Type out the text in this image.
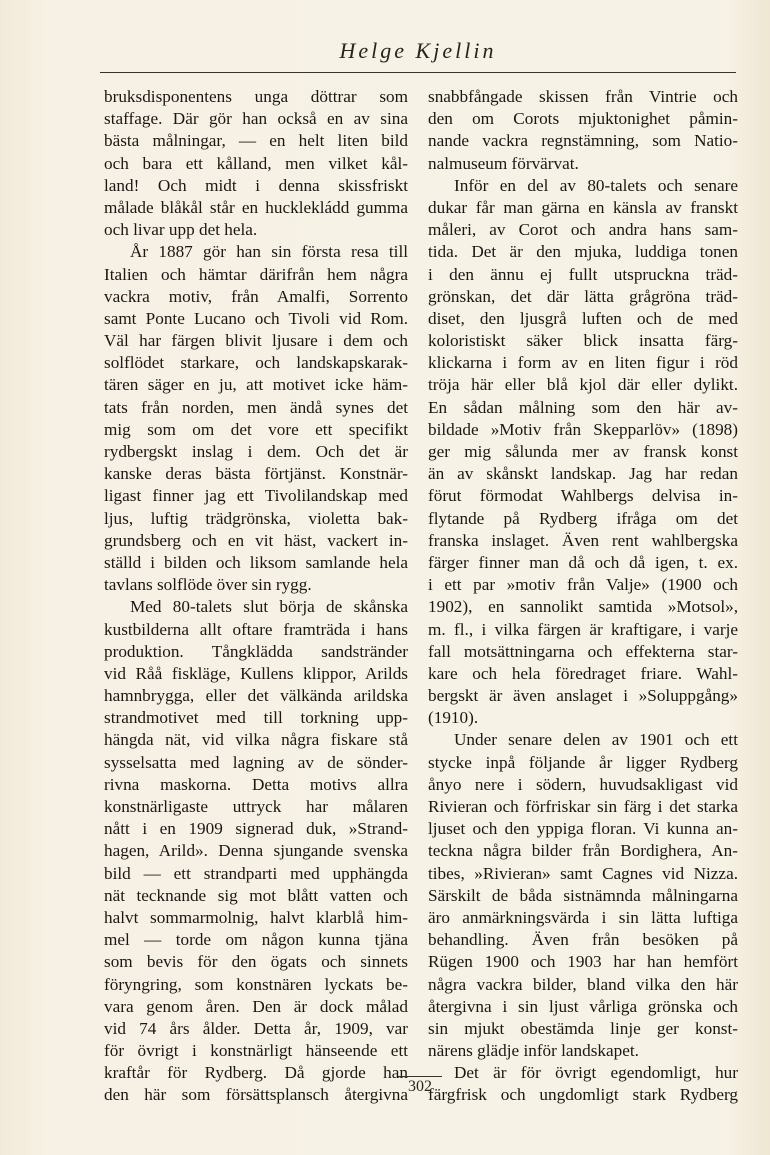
Helge Kjellin
bruksdisponentens unga döttrar som
staffage. Där gör han också en av sina
bästa målningar, — en helt liten bild
och bara ett kålland, men vilket kål-
land! Och midt i denna skissfriskt
målade blåkål står en hucklekládd gumma
och livar upp det hela.
År 1887 gör han sin första resa till
Italien och hämtar därifrån hem några
vackra motiv, från Amalfi, Sorrento
samt Ponte Lucano och Tivoli vid Rom.
Väl har färgen blivit ljusare i dem och
solflödet starkare, och landskapskarak-
tären säger en ju, att motivet icke häm-
tats från norden, men ändå synes det
mig som om det vore ett specifikt
rydbergskt inslag i dem. Och det är
kanske deras bästa förtjänst. Konstnär-
ligast finner jag ett Tivolilandskap med
ljus, luftig trädgrönska, violetta bak-
grundsberg och en vit häst, vackert in-
ställd i bilden och liksom samlande hela
tavlans solflöde över sin rygg.
Med 80-talets slut börja de skånska
kustbilderna allt oftare framträda i hans
produktion. Tångklädda sandstränder
vid Råå fiskläge, Kullens klippor, Arilds
hamnbrygga, eller det välkända arildska
strandmotivet med till torkning upp-
hängda nät, vid vilka några fiskare stå
sysselsatta med lagning av de sönder-
rivna maskorna. Detta motivs allra
konstnärligaste uttryck har målaren
nått i en 1909 signerad duk, »Strand-
hagen, Arild». Denna sjungande svenska
bild — ett strandparti med upphängda
nät tecknande sig mot blått vatten och
halvt sommarmolnig, halvt klarblå him-
mel — torde om någon kunna tjäna
som bevis för den ögats och sinnets
föryngring, som konstnären lyckats be-
vara genom åren. Den är dock målad
vid 74 års ålder. Detta år, 1909, var
för övrigt i konstnärligt hänseende ett
kraftår för Rydberg. Då gjorde han
den här som försättsplansch återgivna
snabbfångade skissen från Vintrie och
den om Corots mjuktonighet påmin-
nande vackra regnstämning, som Natio-
nalmuseum förvärvat.
Inför en del av 80-talets och senare
dukar får man gärna en känsla av franskt
måleri, av Corot och andra hans sam-
tida. Det är den mjuka, luddiga tonen
i den ännu ej fullt utspruckna träd-
grönskan, det där lätta grågröna träd-
diset, den ljusgrå luften och de med
koloristiskt säker blick insatta färg-
klickarna i form av en liten figur i röd
tröja här eller blå kjol där eller dylikt.
En sådan målning som den här av-
bildade »Motiv från Skepparlöv» (1898)
ger mig sålunda mer av fransk konst
än av skånskt landskap. Jag har redan
förut förmodat Wahlbergs delvisa in-
flytande på Rydberg ifråga om det
franska inslaget. Även rent wahlbergska
färger finner man då och då igen, t. ex.
i ett par »motiv från Valje» (1900 och
1902), en sannolikt samtida »Motsol»,
m. fl., i vilka färgen är kraftigare, i varje
fall motsättningarna och effekterna star-
kare och hela föredraget friare. Wahl-
bergskt är även anslaget i »Soluppgång»
(1910).
Under senare delen av 1901 och ett
stycke inpå följande år ligger Rydberg
ånyo nere i södern, huvudsakligast vid
Rivieran och förfriskar sin färg i det starka
ljuset och den yppiga floran. Vi kunna an-
teckna några bilder från Bordighera, An-
tibes, »Rivieran» samt Cagnes vid Nizza.
Särskilt de båda sistnämnda målningarna
äro anmärkningsvärda i sin lätta luftiga
behandling. Även från besöken på
Rügen 1900 och 1903 har han hemfört
några vackra bilder, bland vilka den här
återgivna i sin ljust vårliga grönska och
sin mjukt obestämda linje ger konst-
närens glädje inför landskapet.
Det är för övrigt egendomligt, hur
färgfrisk och ungdomligt stark Rydberg
302
